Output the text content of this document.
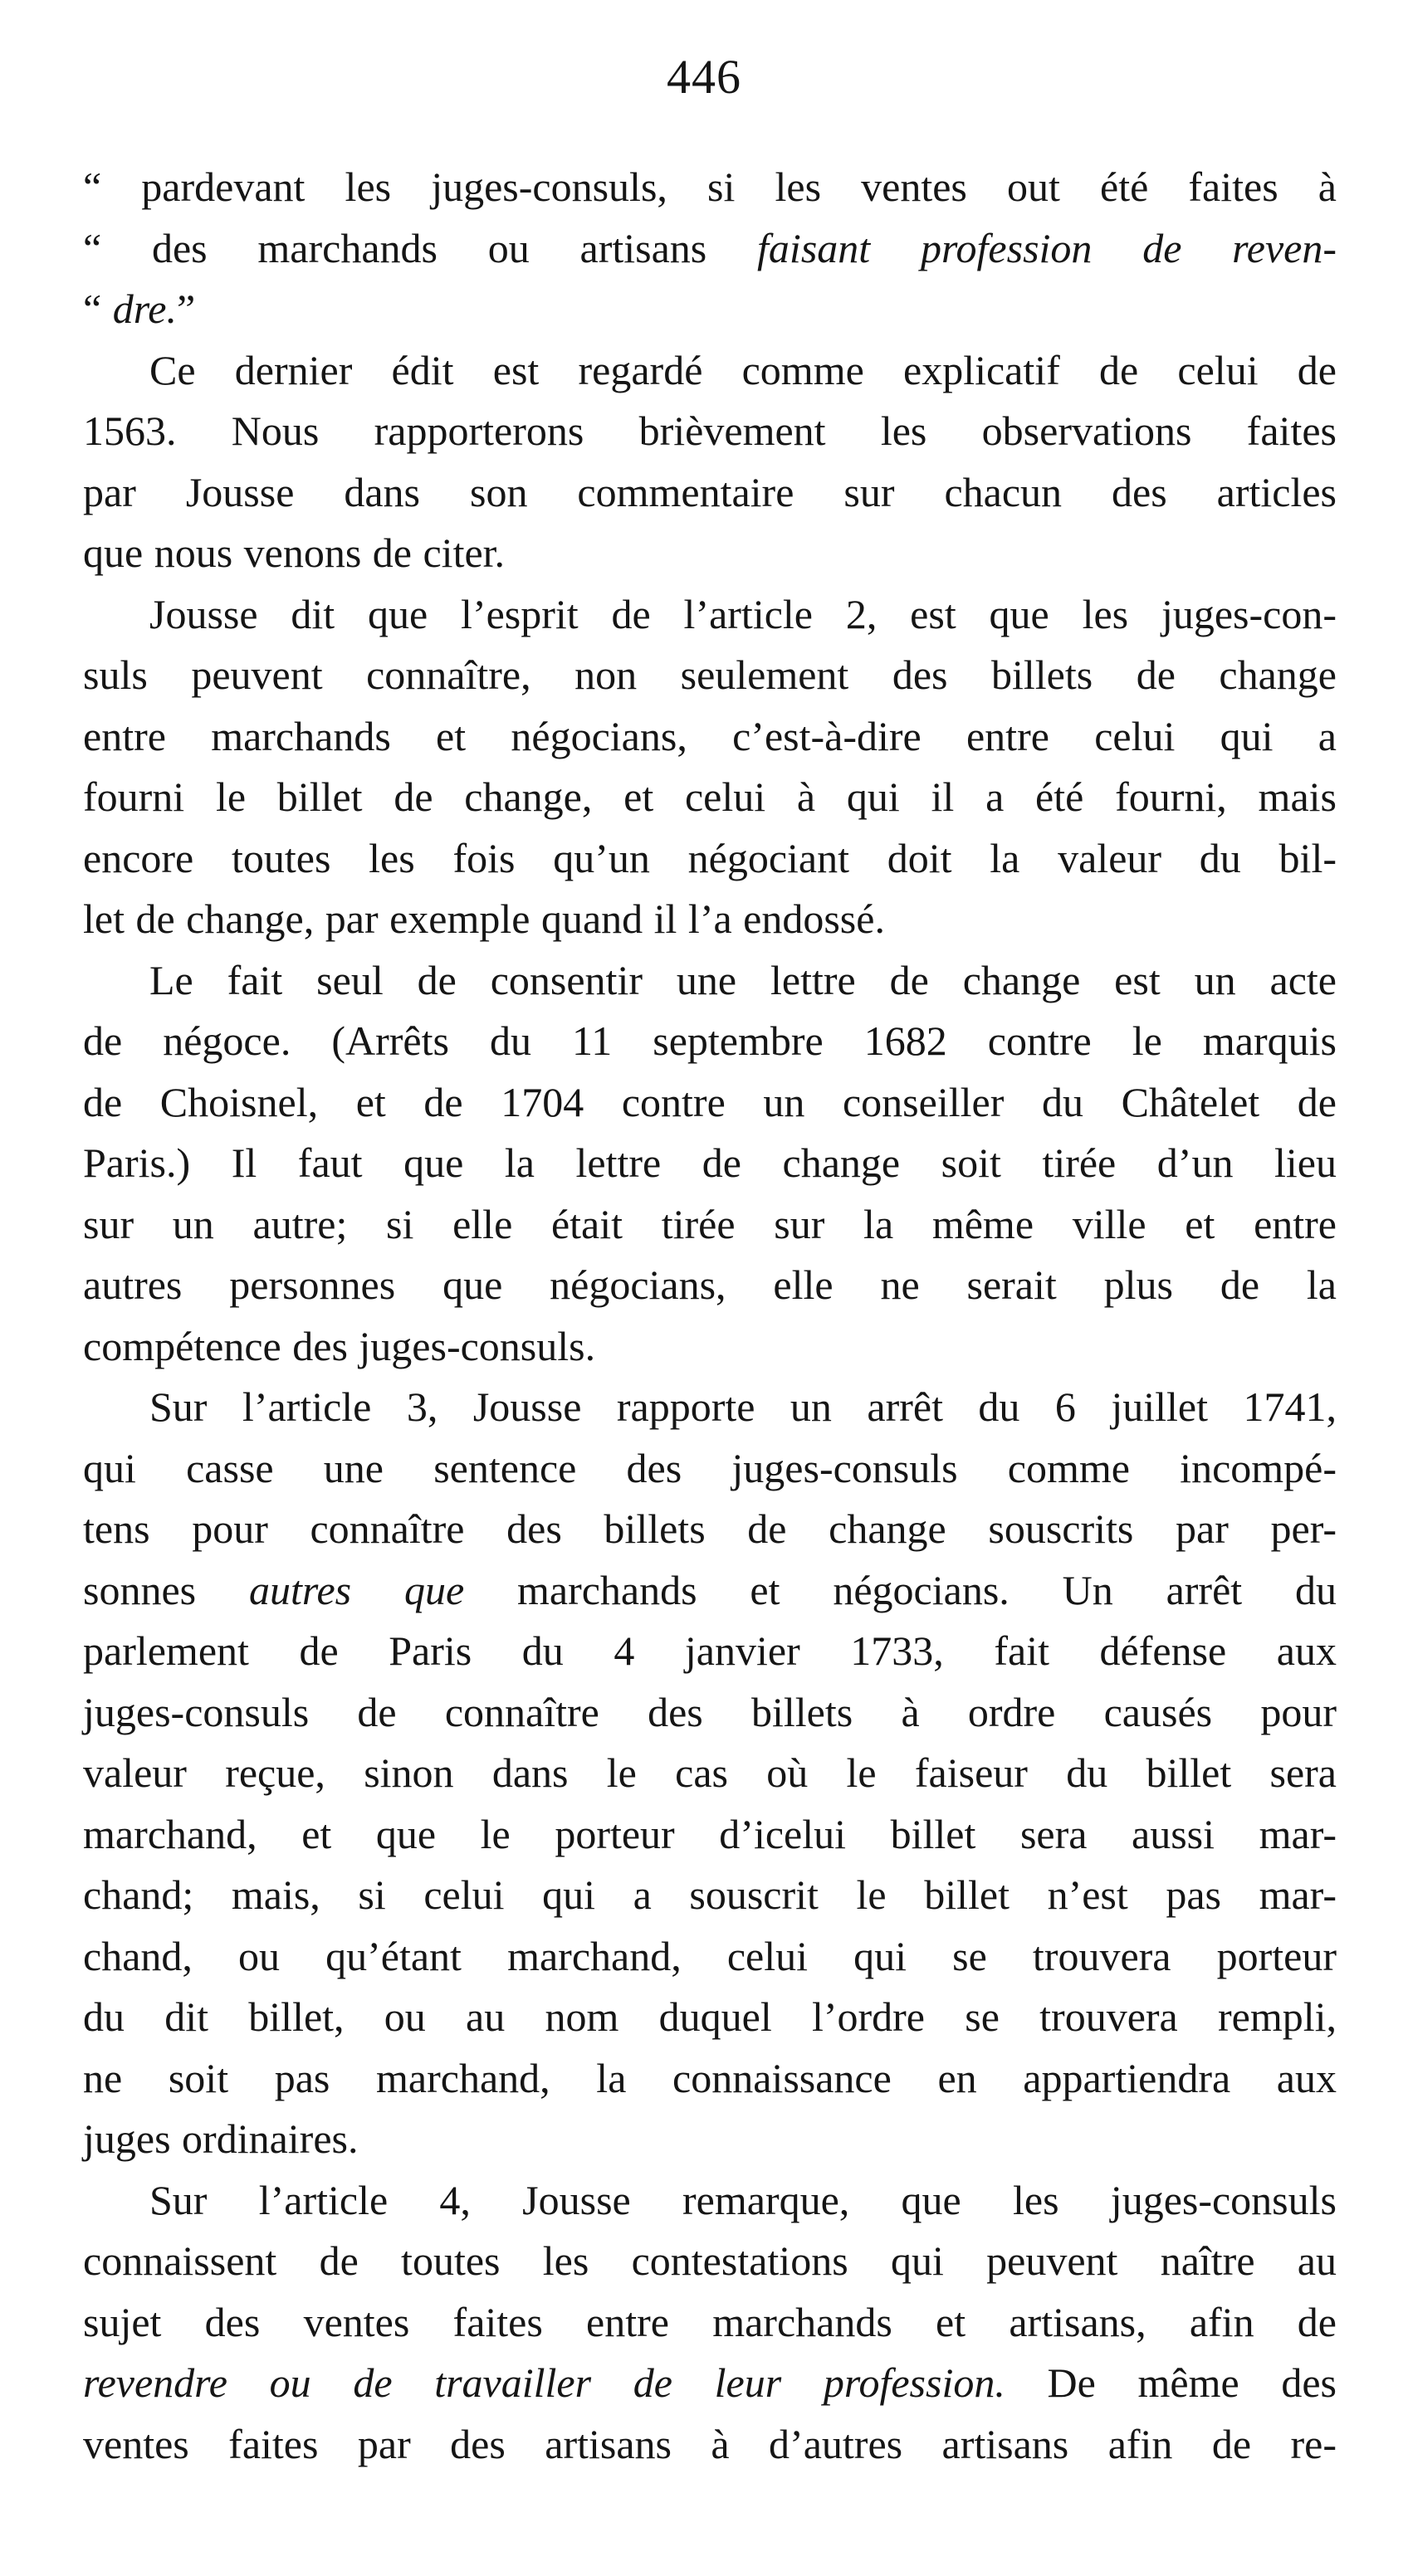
446
“ pardevant les juges-consuls, si les ventes out été faites à
“ des marchands ou artisans faisant profession de reven-
“ dre.”
Ce dernier édit est regardé comme explicatif de celui de
1563. Nous rapporterons brièvement les observations faites
par Jousse dans son commentaire sur chacun des articles
que nous venons de citer.
Jousse dit que l’esprit de l’article 2, est que les juges-con-
suls peuvent connaître, non seulement des billets de change
entre marchands et négocians, c’est-à-dire entre celui qui a
fourni le billet de change, et celui à qui il a été fourni, mais
encore toutes les fois qu’un négociant doit la valeur du bil-
let de change, par exemple quand il l’a endossé.
Le fait seul de consentir une lettre de change est un acte
de négoce. (Arrêts du 11 septembre 1682 contre le marquis
de Choisnel, et de 1704 contre un conseiller du Châtelet de
Paris.) Il faut que la lettre de change soit tirée d’un lieu
sur un autre; si elle était tirée sur la même ville et entre
autres personnes que négocians, elle ne serait plus de la
compétence des juges-consuls.
Sur l’article 3, Jousse rapporte un arrêt du 6 juillet 1741,
qui casse une sentence des juges-consuls comme incompé-
tens pour connaître des billets de change souscrits par per-
sonnes autres que marchands et négocians. Un arrêt du
parlement de Paris du 4 janvier 1733, fait défense aux
juges-consuls de connaître des billets à ordre causés pour
valeur reçue, sinon dans le cas où le faiseur du billet sera
marchand, et que le porteur d’icelui billet sera aussi mar-
chand; mais, si celui qui a souscrit le billet n’est pas mar-
chand, ou qu’étant marchand, celui qui se trouvera porteur
du dit billet, ou au nom duquel l’ordre se trouvera rempli,
ne soit pas marchand, la connaissance en appartiendra aux
juges ordinaires.
Sur l’article 4, Jousse remarque, que les juges-consuls
connaissent de toutes les contestations qui peuvent naître au
sujet des ventes faites entre marchands et artisans, afin de
revendre ou de travailler de leur profession. De même des
ventes faites par des artisans à d’autres artisans afin de re-
